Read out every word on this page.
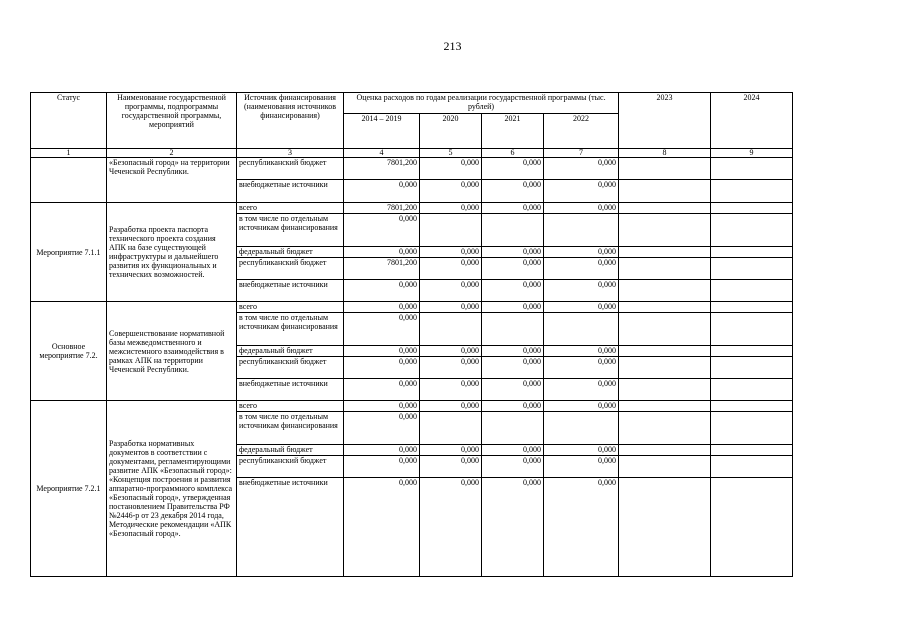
213
Статус	Наименование государственной программы, подпрограммы государственной программы, мероприятий	Источник финансирования (наименования источников финансирования)	Оценка расходов по годам реализации государственной программы (тыс. рублей)				2023	2024
			2014 – 2019	2020	2021	2022		
1	2	3	4	5	6	7	8	9
	«Безопасный город» на территории Чеченской Республики.	республиканский бюджет	7801,200	0,000	0,000	0,000		
		внебюджетные источники	0,000	0,000	0,000	0,000		
Мероприятие 7.1.1	Разработка проекта паспорта технического проекта создания АПК на базе существующей инфраструктуры и дальнейшего развития их функциональных и технических возможностей.	всего	7801,200	0,000	0,000	0,000		
		в том числе по отдельным источникам финансирования	0,000					
		федеральный бюджет	0,000	0,000	0,000	0,000		
		республиканский бюджет	7801,200	0,000	0,000	0,000		
		внебюджетные источники	0,000	0,000	0,000	0,000		
Основное мероприятие 7.2.	Совершенствование нормативной базы межведомственного и межсистемного взаимодействия в рамках АПК на территории Чеченской Республики.	всего	0,000	0,000	0,000	0,000		
		в том числе по отдельным источникам финансирования	0,000					
		федеральный бюджет	0,000	0,000	0,000	0,000		
		республиканский бюджет	0,000	0,000	0,000	0,000		
		внебюджетные источники	0,000	0,000	0,000	0,000		
Мероприятие 7.2.1	Разработка нормативных документов в соответствии с документами, регламентирующими развитие АПК «Безопасный город»: «Концепция построения и развития аппаратно-программного комплекса «Безопасный город», утвержденная постановлением Правительства РФ №2446-р от 23 декабря 2014 года, Методические рекомендации «АПК «Безопасный город».	всего	0,000	0,000	0,000	0,000		
		в том числе по отдельным источникам финансирования	0,000					
		федеральный бюджет	0,000	0,000	0,000	0,000		
		республиканский бюджет	0,000	0,000	0,000	0,000		
		внебюджетные источники	0,000	0,000	0,000	0,000		
